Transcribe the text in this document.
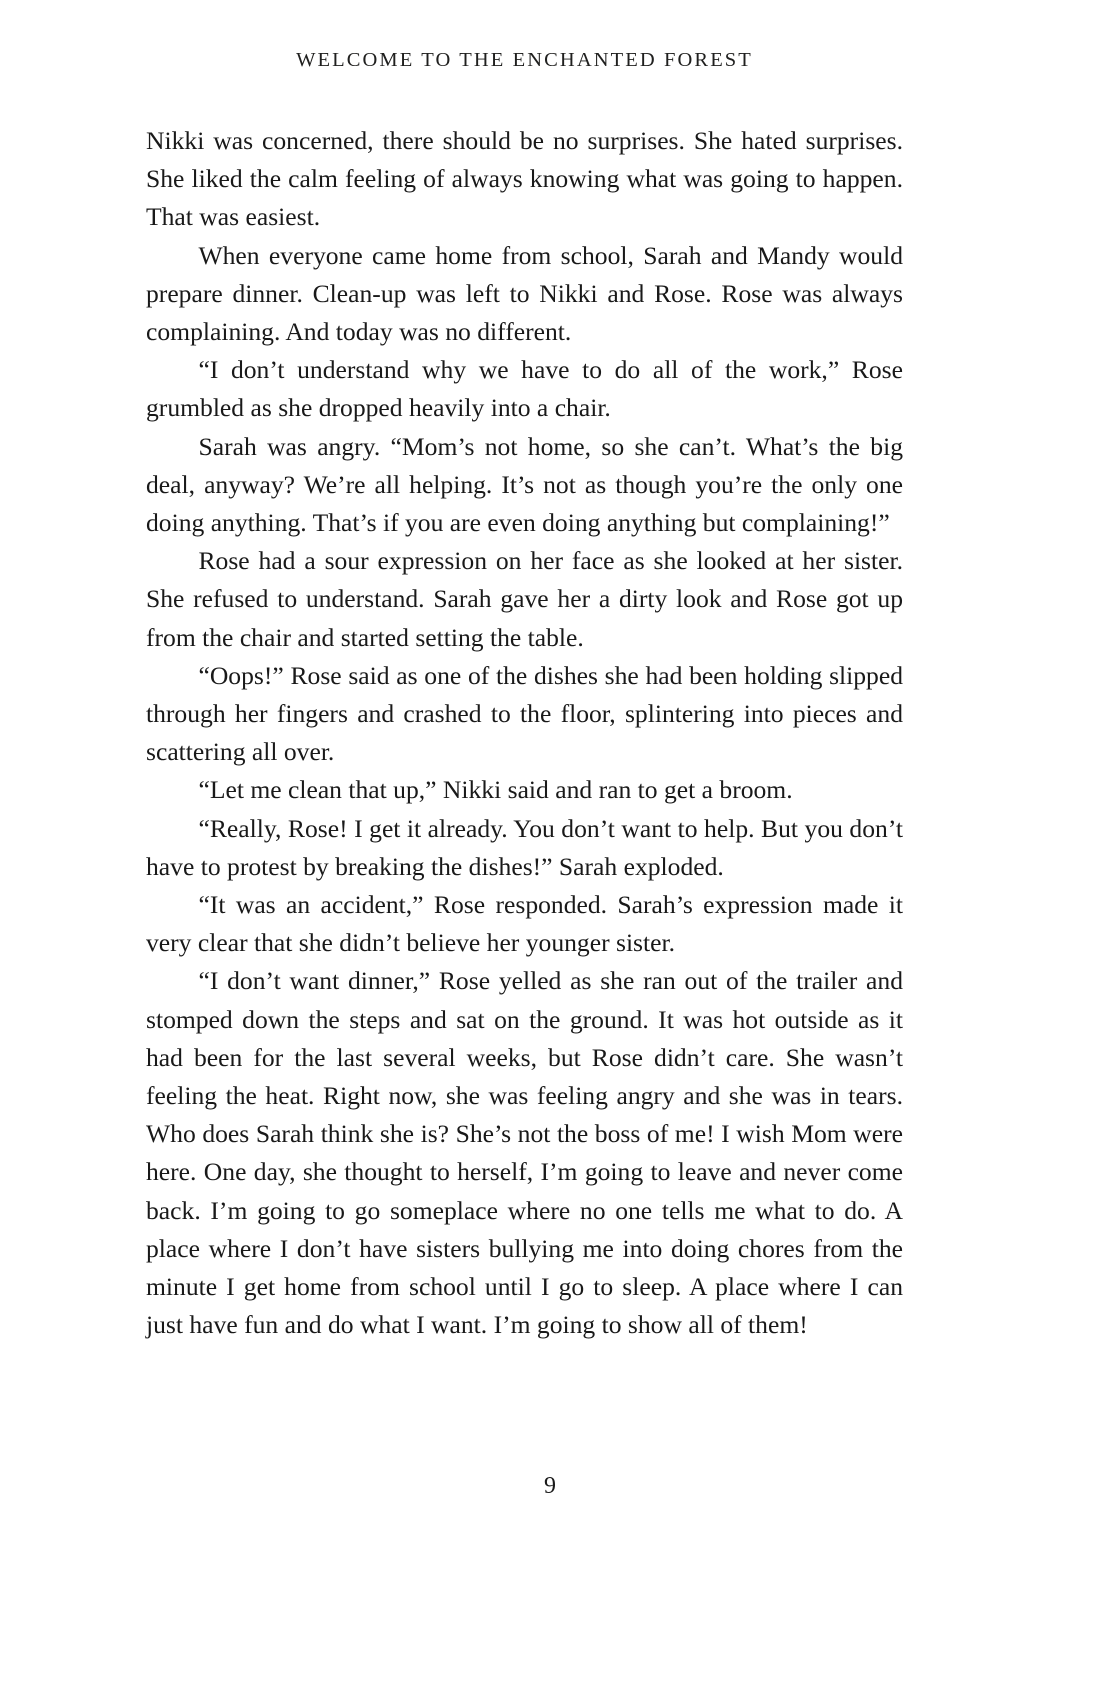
WELCOME TO THE ENCHANTED FOREST

Nikki was concerned, there should be no surprises. She hated surprises. She liked the calm feeling of always knowing what was going to happen. That was easiest.

When everyone came home from school, Sarah and Mandy would prepare dinner. Clean-up was left to Nikki and Rose. Rose was always complaining. And today was no different.

“I don’t understand why we have to do all of the work,” Rose grumbled as she dropped heavily into a chair.

Sarah was angry. “Mom’s not home, so she can’t. What’s the big deal, anyway? We’re all helping. It’s not as though you’re the only one doing anything. That’s if you are even doing anything but complaining!”

Rose had a sour expression on her face as she looked at her sister. She refused to understand. Sarah gave her a dirty look and Rose got up from the chair and started setting the table.

“Oops!” Rose said as one of the dishes she had been holding slipped through her fingers and crashed to the floor, splintering into pieces and scattering all over.

“Let me clean that up,” Nikki said and ran to get a broom.

“Really, Rose! I get it already. You don’t want to help. But you don’t have to protest by breaking the dishes!” Sarah exploded.

“It was an accident,” Rose responded. Sarah’s expression made it very clear that she didn’t believe her younger sister.

“I don’t want dinner,” Rose yelled as she ran out of the trailer and stomped down the steps and sat on the ground. It was hot outside as it had been for the last several weeks, but Rose didn’t care. She wasn’t feeling the heat. Right now, she was feeling angry and she was in tears. Who does Sarah think she is? She’s not the boss of me! I wish Mom were here. One day, she thought to herself, I’m going to leave and never come back. I’m going to go someplace where no one tells me what to do. A place where I don’t have sisters bullying me into doing chores from the minute I get home from school until I go to sleep. A place where I can just have fun and do what I want. I’m going to show all of them!

9
